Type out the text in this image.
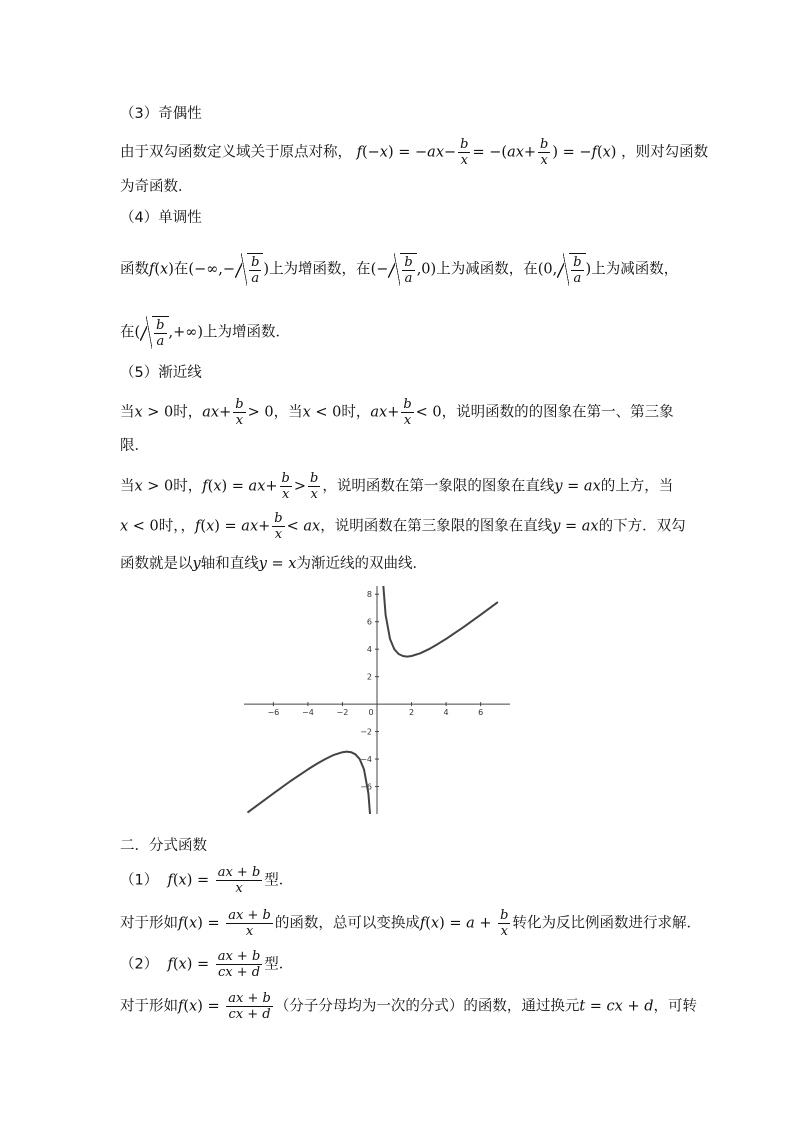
（3）奇偶性
由于双勾函数定义域关于原点对称， $f(-x) = -ax- \frac{b}{x} = -(ax+ \frac{b}{x}$ ) = −f(x) ，则对勾函数
为奇函数．
（4）单调性
函数f(x)在(−∞,− $\frac{b}{a}$ )上为增函数，在(− $\frac{b}{a} ,0$)上为减函数，在(0, $\frac{b}{a}$ )上为减函数，
在( $\frac{b}{a}$ ,+∞)上为增函数．
（5）渐近线
当x > 0时，$ax+ \frac{b}{x} > 0$，当x < 0时，$ax+ \frac{b}{x} < 0$，说明函数的的图象在第一、第三象
限．
当x > 0时，$f(x) = ax+ \frac{b}{x} > \frac{b}{x}$ ，说明函数在第一象限的图象在直线y = ax的上方，当
x < 0时，，$f(x) = ax+ \frac{b}{x}$ < ax，说明函数在第三象限的图象在直线y = ax的下方．双勾
函数就是以y轴和直线y = x为渐近线的双曲线．
−6	−4	−2	0	2	4	6
−6
−4
−2
2
4
6
8
二．分式函数
（1） $f(x) = \frac{ax + b}{x}$ 型．
对于形如$f(x) = \frac{ax + b}{x}$ 的函数，总可以变换成$f(x) = a + \frac{b}{x}$ 转化为反比例函数进行求解．
（2） $f(x) = \frac{ax + b}{cx + d}$ 型．
对于形如$f(x) = \frac{ax + b}{cx + d}$ （分子分母均为一次的分式）的函数，通过换元t = cx + d，可转
